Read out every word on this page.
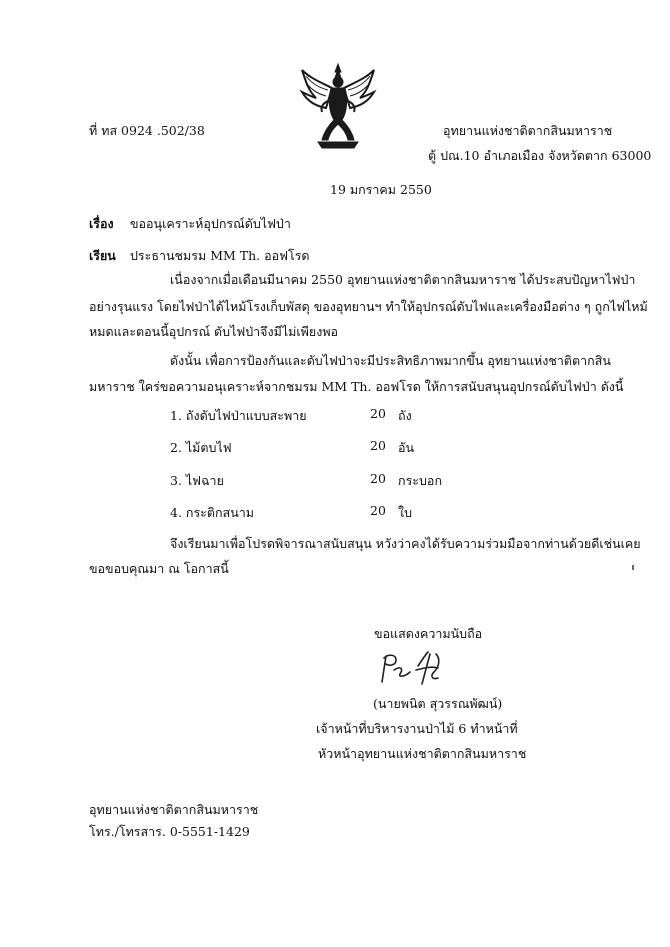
ที่ ทส 0924 .502/38	อุทยานแห่งชาติตากสินมหาราช
ตู้ ปณ.10 อำเภอเมือง จังหวัดตาก 63000
19 มกราคม 2550
เรื่อง ขออนุเคราะห์อุปกรณ์ดับไฟป่า
เรียน ประธานชมรม MM Th. ออฟโรด
เนื่องจากเมื่อเดือนมีนาคม 2550 อุทยานแห่งชาติตากสินมหาราช ได้ประสบปัญหาไฟป่า
อย่างรุนแรง โดยไฟป่าได้ไหม้โรงเก็บพัสดุ ของอุทยานฯ ทำให้อุปกรณ์ดับไฟและเครื่องมือต่าง ๆ ถูกไฟไหม้
หมดและตอนนี้อุปกรณ์ ดับไฟป่าจึงมีไม่เพียงพอ
ดังนั้น เพื่อการป้องกันและดับไฟป่าจะมีประสิทธิภาพมากขึ้น อุทยานแห่งชาติตากสิน
มหาราช ใคร่ขอความอนุเคราะห์จากชมรม MM Th. ออฟโรด ให้การสนับสนุนอุปกรณ์ดับไฟป่า ดังนี้
1. ถังดับไฟป่าแบบสะพาย	20 ถัง
2. ไม้ตบไฟ	20 อัน
3. ไฟฉาย	20 กระบอก
4. กระติกสนาม	20 ใบ
จึงเรียนมาเพื่อโปรดพิจารณาสนับสนุน หวังว่าคงได้รับความร่วมมือจากท่านด้วยดีเช่นเคย
ขอขอบคุณมา ณ โอกาสนี้
ขอแสดงความนับถือ
(นายพนิต สุวรรณพัฒน์)
เจ้าหน้าที่บริหารงานป่าไม้ 6 ทำหน้าที่
หัวหน้าอุทยานแห่งชาติตากสินมหาราช
อุทยานแห่งชาติตากสินมหาราช
โทร./โทรสาร. 0-5551-1429
